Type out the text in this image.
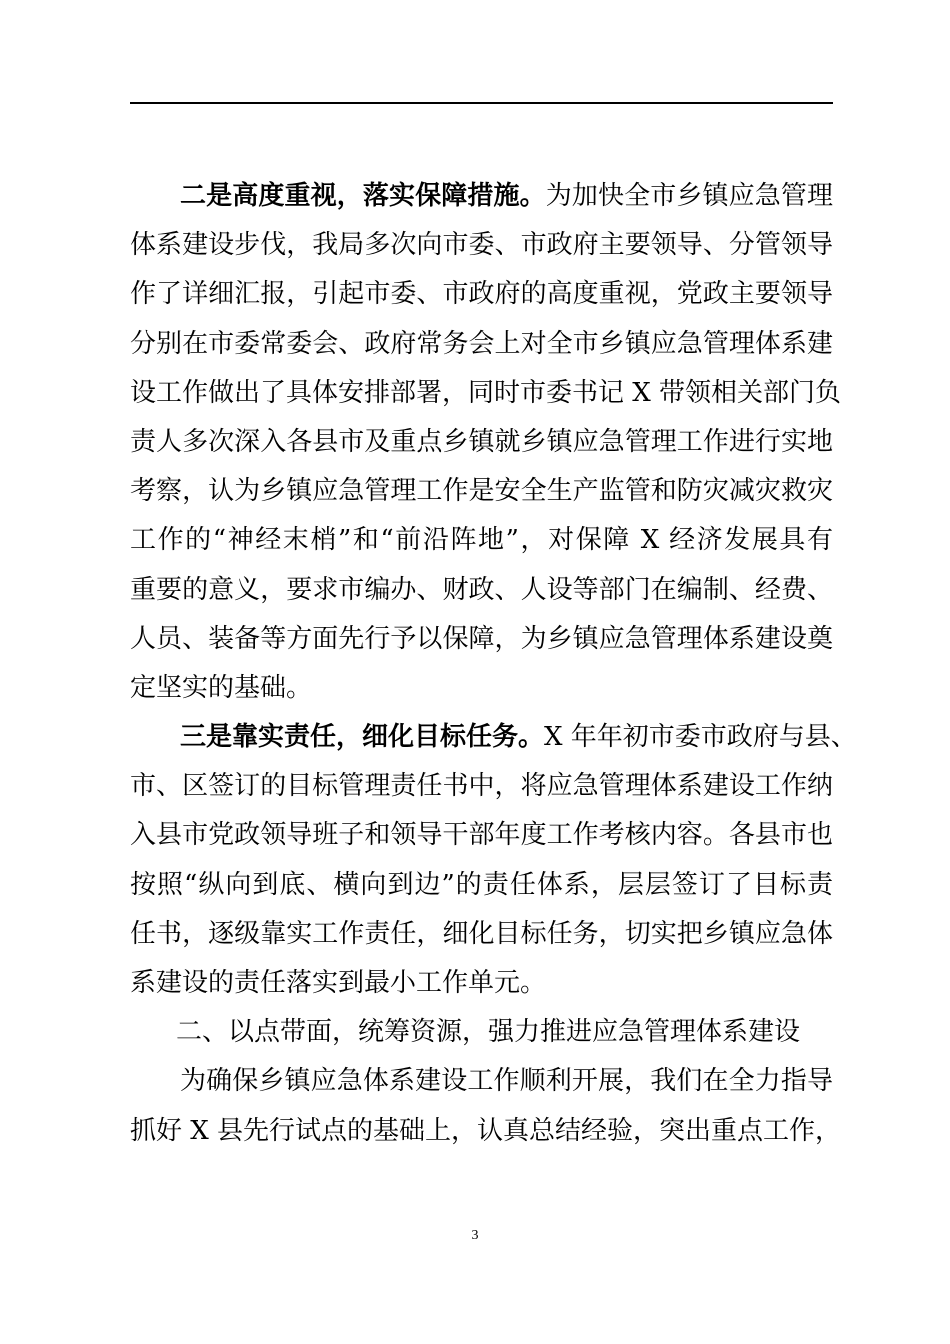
二是高度重视，落实保障措施。为加快全市乡镇应急管理
体系建设步伐，我局多次向市委、市政府主要领导、分管领导
作了详细汇报，引起市委、市政府的高度重视，党政主要领导
分别在市委常委会、政府常务会上对全市乡镇应急管理体系建
设工作做出了具体安排部署，同时市委书记 X 带领相关部门负
责人多次深入各县市及重点乡镇就乡镇应急管理工作进行实地
考察，认为乡镇应急管理工作是安全生产监管和防灾减灾救灾
工作的“神经末梢”和“前沿阵地”，对保障 X 经济发展具有
重要的意义，要求市编办、财政、人设等部门在编制、经费、
人员、装备等方面先行予以保障，为乡镇应急管理体系建设奠
定坚实的基础。
三是靠实责任，细化目标任务。X 年年初市委市政府与县、
市、区签订的目标管理责任书中，将应急管理体系建设工作纳
入县市党政领导班子和领导干部年度工作考核内容。各县市也
按照“纵向到底、横向到边”的责任体系，层层签订了目标责
任书，逐级靠实工作责任，细化目标任务，切实把乡镇应急体
系建设的责任落实到最小工作单元。
二、以点带面，统筹资源，强力推进应急管理体系建设
为确保乡镇应急体系建设工作顺利开展，我们在全力指导
抓好 X 县先行试点的基础上，认真总结经验，突出重点工作，
3
